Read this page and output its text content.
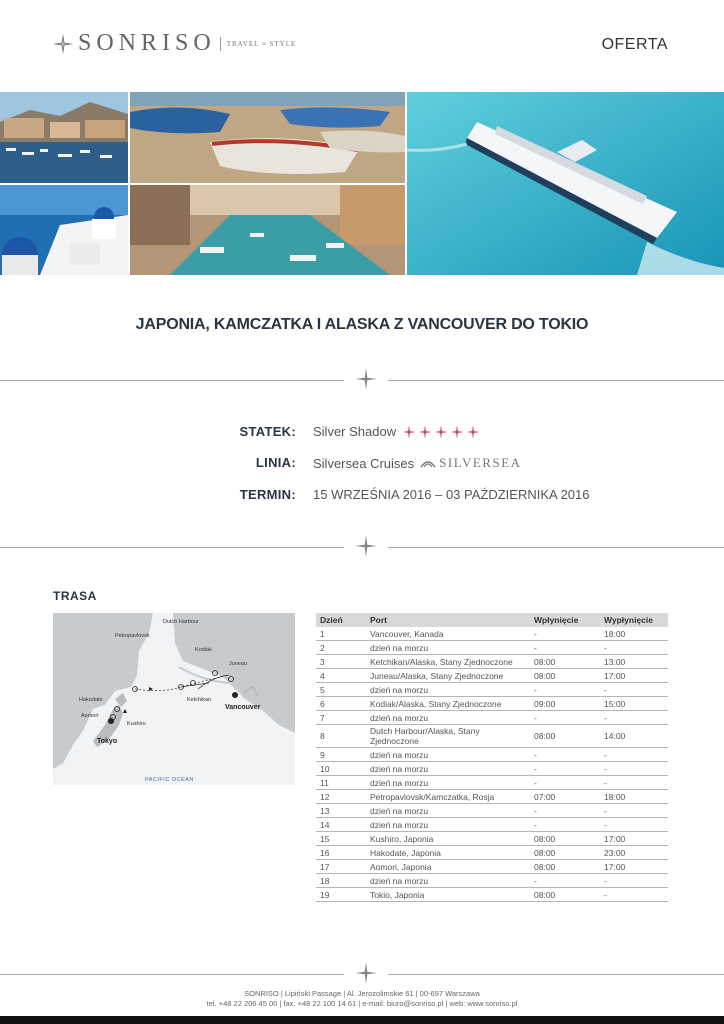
SONRISO TRAVEL ≈ STYLE	OFERTA
JAPONIA, KAMCZATKA I ALASKA Z VANCOUVER DO TOKIO
STATEK: Silver Shadow
LINIA: Silversea Cruises SILVERSEA
TERMIN: 15 WRZEŚNIA 2016 – 03 PAŹDZIERNIKA 2016
TRASA
Dutch Harbour
Petropavlovsk
Kodiak
Juneau
Ketchikan
Vancouver
Hakodate
Aomori
Kushiro
Tokyo
PACIFIC OCEAN
Dzień	Port	Wpłynięcie	Wypłynięcie
1	Vancouver, Kanada	-	18:00
2	dzień na morzu	-	-
3	Ketchikan/Alaska, Stany Zjednoczone	08:00	13:00
4	Juneau/Alaska, Stany Zjednoczone	08:00	17:00
5	dzień na morzu	-	-
6	Kodiak/Alaska, Stany Zjednoczone	09:00	15:00
7	dzień na morzu	-	-
8	Dutch Harbour/Alaska, Stany Zjednoczone	08:00	14:00
9	dzień na morzu	-	-
10	dzień na morzu	-	-
11	dzień na morzu	-	-
12	Petropavlovsk/Kamczatka, Rosja	07:00	18:00
13	dzień na morzu	-	-
14	dzień na morzu	-	-
15	Kushiro, Japonia	08:00	17:00
16	Hakodate, Japonia	08:00	23:00
17	Aomori, Japonia	08:00	17:00
18	dzień na morzu	-	-
19	Tokio, Japonia	08:00	-
SONRISO | Lipiński Passage | Al. Jerozolimskie 61 | 00-697 Warszawa
tel. +48 22 206 45 00 | fax. +48 22 100 14 61 | e-mail: biuro@sonriso.pl | web: www.sonriso.pl
